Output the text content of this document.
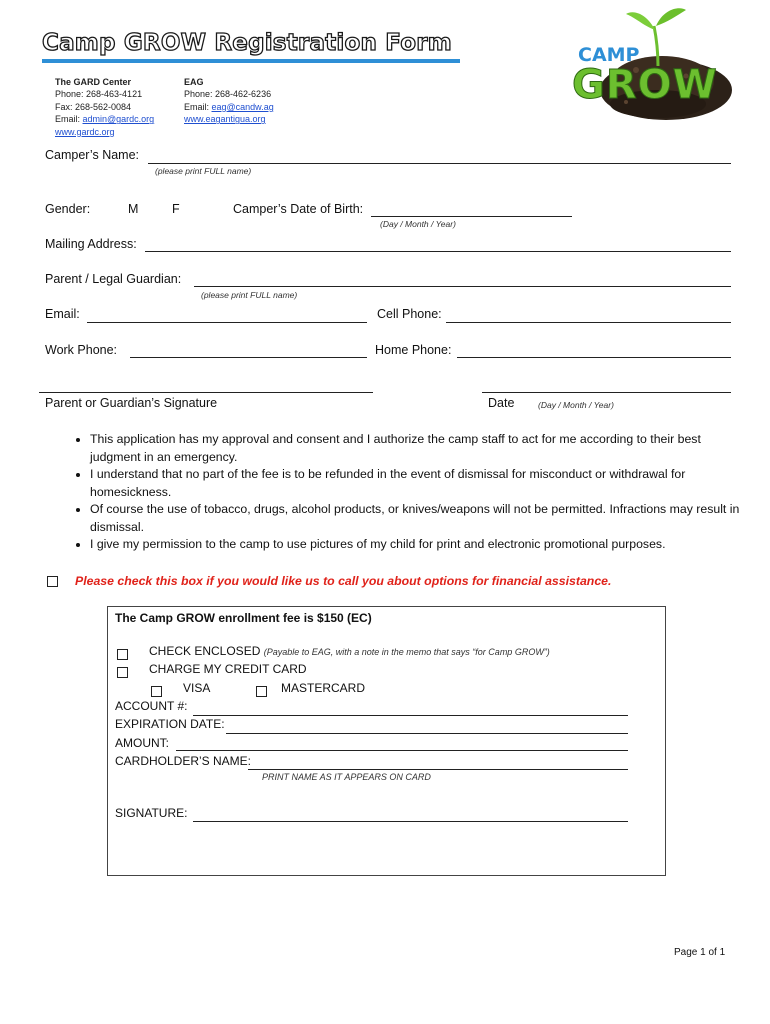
Camp GROW Registration Form
The GARD Center
Phone: 268-463-4121
Fax: 268-562-0084
Email: admin@gardc.org
www.gardc.org
EAG
Phone: 268-462-6236
Email: eag@candw.ag
www.eagantigua.org
CAMP
GROW
Camper’s Name:
(please print FULL name)
Gender:	M	F	Camper’s Date of Birth:
(Day / Month / Year)
Mailing Address:
Parent / Legal Guardian:
(please print FULL name)
Email:	Cell Phone:
Work Phone:	Home Phone:
Parent or Guardian’s Signature	Date	(Day / Month / Year)
• This application has my approval and consent and I authorize the camp staff to act for me according to their best judgment in an emergency.
• I understand that no part of the fee is to be refunded in the event of dismissal for misconduct or withdrawal for homesickness.
• Of course the use of tobacco, drugs, alcohol products, or knives/weapons will not be permitted. Infractions may result in dismissal.
• I give my permission to the camp to use pictures of my child for print and electronic promotional purposes.
Please check this box if you would like us to call you about options for financial assistance.
The Camp GROW enrollment fee is $150 (EC)
CHECK ENCLOSED (Payable to EAG, with a note in the memo that says “for Camp GROW”)
CHARGE MY CREDIT CARD
VISA	MASTERCARD
ACCOUNT #:
EXPIRATION DATE:
AMOUNT:
CARDHOLDER’S NAME:
PRINT NAME AS IT APPEARS ON CARD
SIGNATURE:
Page 1 of 1
